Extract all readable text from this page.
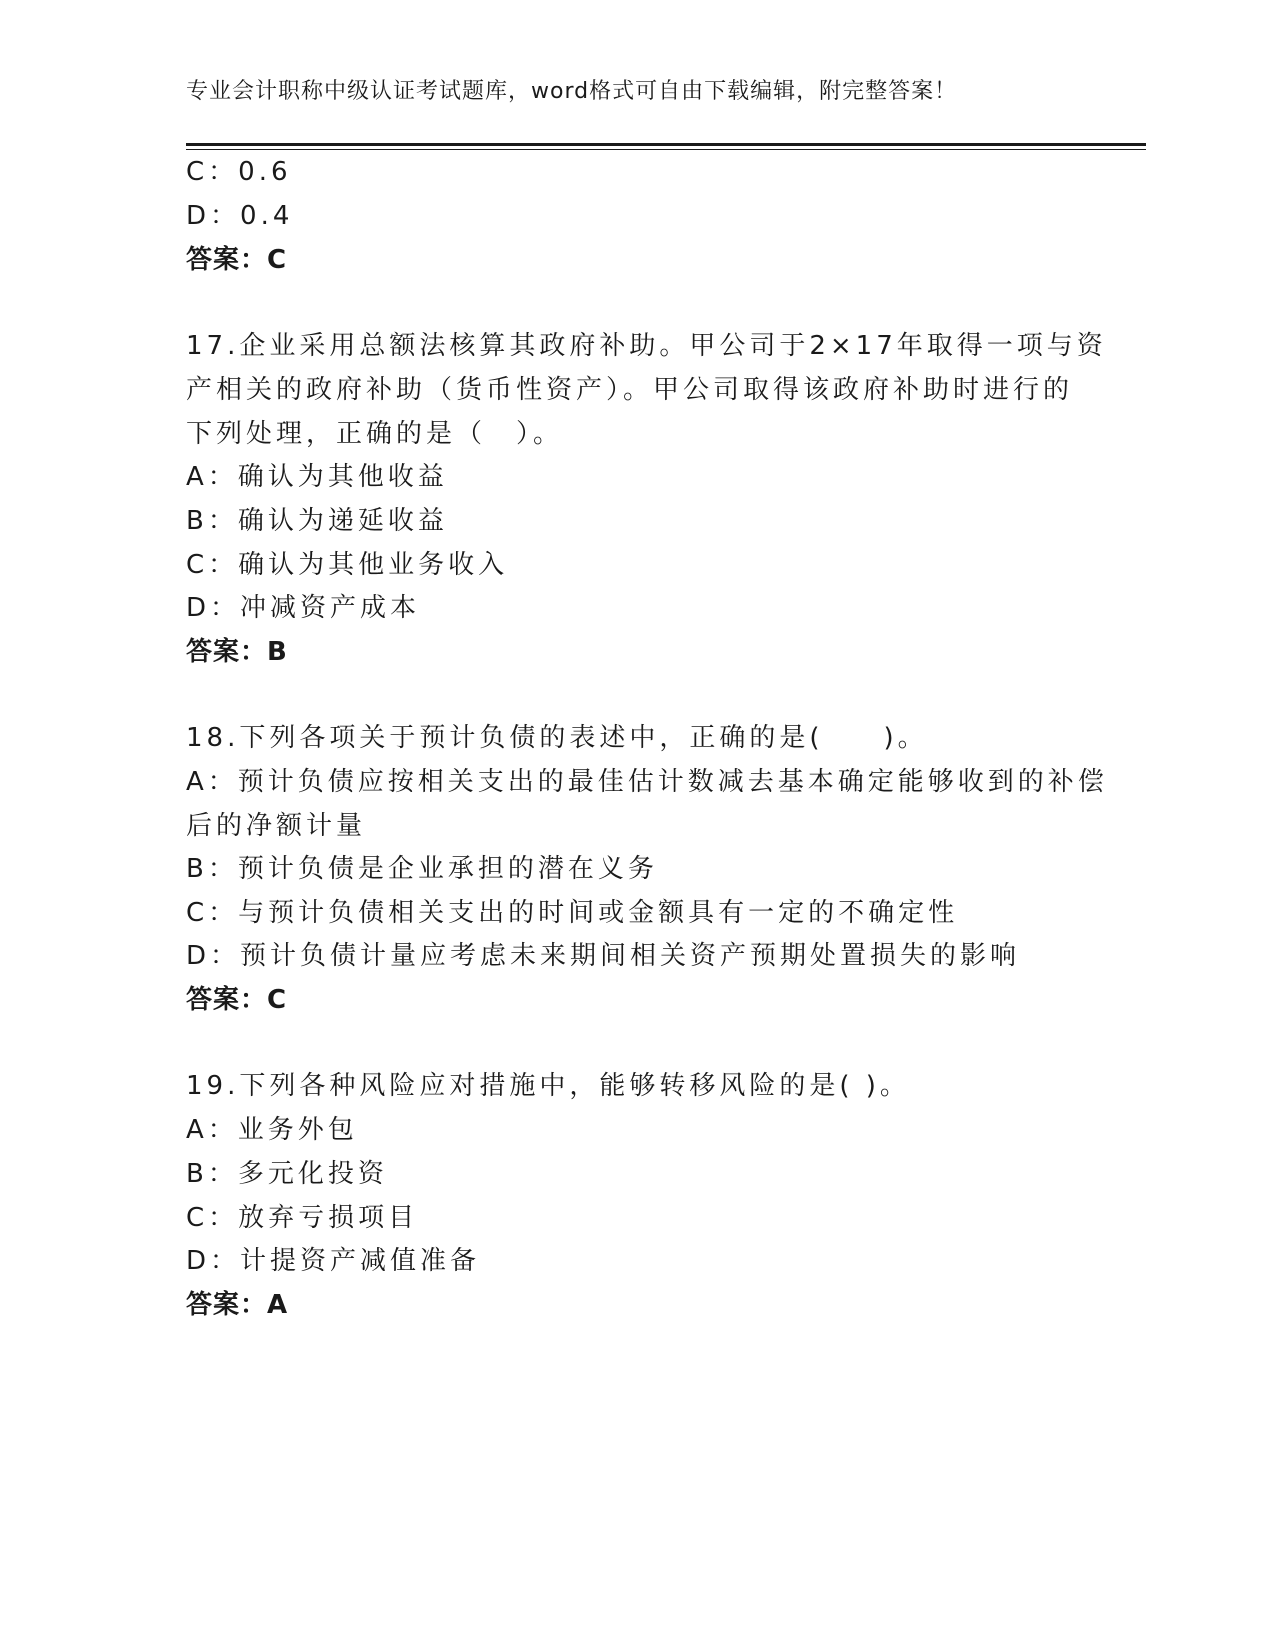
专业会计职称中级认证考试题库，word格式可自由下载编辑，附完整答案！
C：0.6
D：0.4
答案：C
17.企业采用总额法核算其政府补助。甲公司于2×17年取得一项与资
产相关的政府补助（货币性资产）。甲公司取得该政府补助时进行的
下列处理，正确的是（　）。
A：确认为其他收益
B：确认为递延收益
C：确认为其他业务收入
D：冲减资产成本
答案：B
18.下列各项关于预计负债的表述中，正确的是(　　)。
A：预计负债应按相关支出的最佳估计数减去基本确定能够收到的补偿
后的净额计量
B：预计负债是企业承担的潜在义务
C：与预计负债相关支出的时间或金额具有一定的不确定性
D：预计负债计量应考虑未来期间相关资产预期处置损失的影响
答案：C
19.下列各种风险应对措施中，能够转移风险的是( )。
A：业务外包
B：多元化投资
C：放弃亏损项目
D：计提资产减值准备
答案：A
